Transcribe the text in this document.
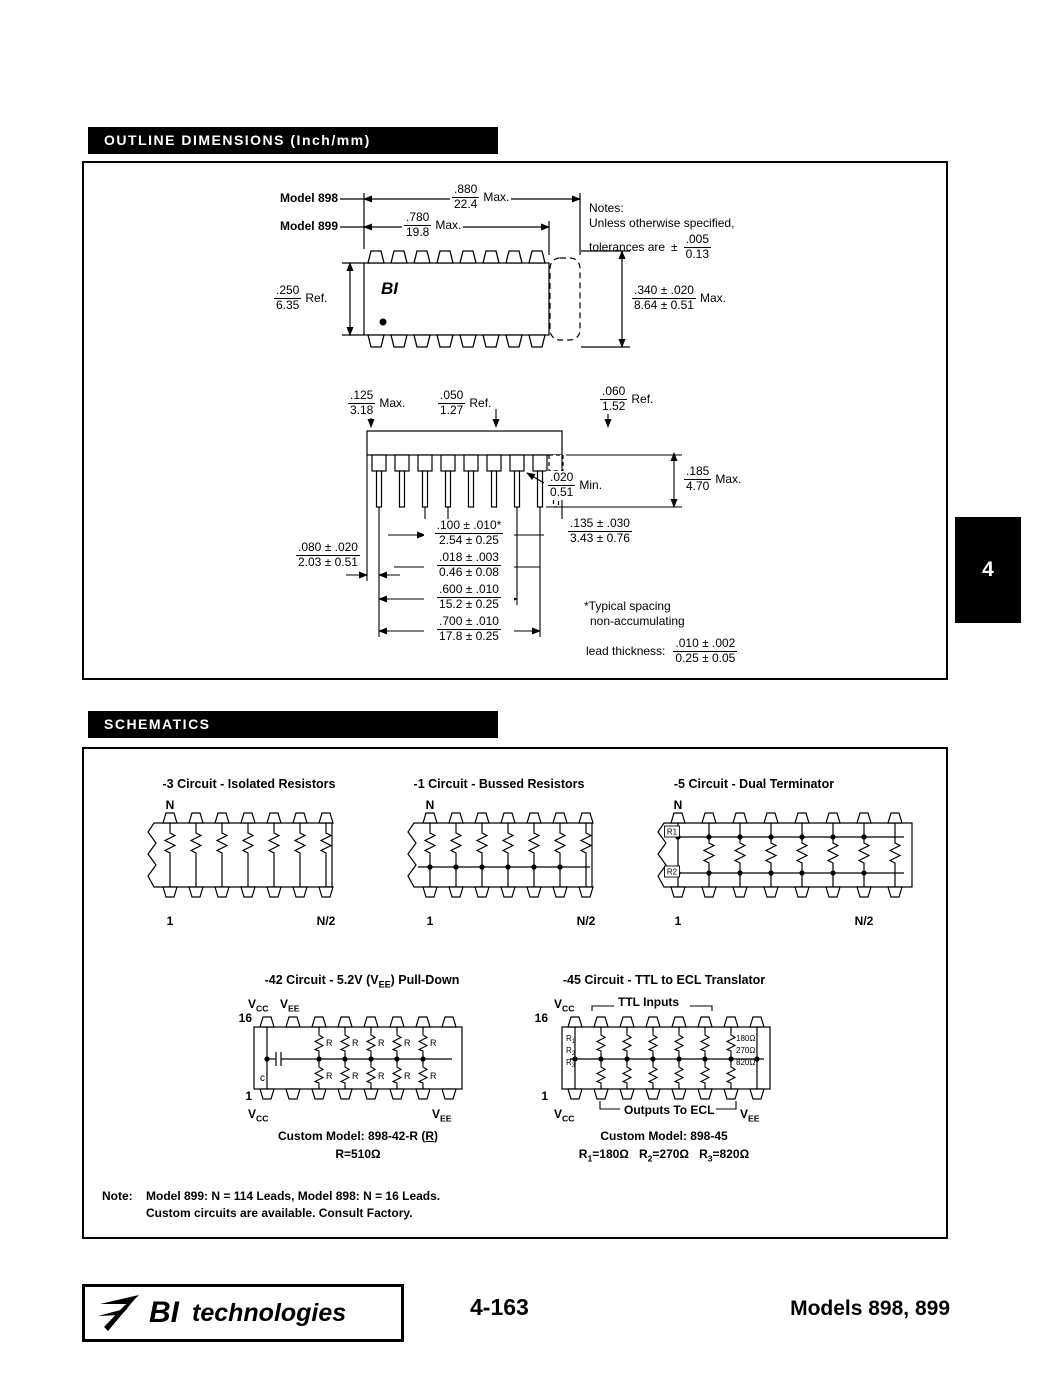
OUTLINE DIMENSIONS (Inch/mm)
BI
Model 898
Model 899
$\frac{.880}{22.4}$ Max.
$\frac{.780}{19.8}$ Max.
$\frac{.250}{6.35}$ Ref.	$\frac{.340 \pm .020}{8.64 \pm 0.51}$ Max.
Notes:
Unless otherwise specified,
tolerances are ± $\frac{.005}{0.13}$
$\frac{.125}{3.18}$ Max.	$\frac{.050}{1.27}$ Ref.	$\frac{.060}{1.52}$ Ref.
$\frac{.020}{0.51}$ Min.	$\frac{.185}{4.70}$ Max.
$\frac{.135 \pm .030}{3.43 \pm 0.76}$
$\frac{.100 \pm .010*}{2.54 \pm 0.25}$
$\frac{.018 \pm .003}{0.46 \pm 0.08}$
$\frac{.600 \pm .010}{15.2 \pm 0.25}$
$\frac{.700 \pm .010}{17.8 \pm 0.25}$
$\frac{.080 \pm .020}{2.03 \pm 0.51}$
*Typical spacing
non-accumulating
lead thickness: $\frac{.010 \pm .002}{0.25 \pm 0.05}$
4
SCHEMATICS
N
1	N/2
N
1	N/2
R1
R2
N
1	N/2
R R R R R
R R R R R
c
$R_1$
$R_2$
$R_3$
180Ω
270Ω
820Ω
-3 Circuit - Isolated Resistors	-1 Circuit - Bussed Resistors	-5 Circuit - Dual Terminator
-42 Circuit - 5.2V $(V_{EE})$ Pull-Down
$V_{CC}$ $V_{EE}$
16
1
$V_{CC}$	$V_{EE}$
Custom Model: 898-42-R (R)
R=510Ω
-45 Circuit - TTL to ECL Translator
$V_{CC}$	TTL Inputs
16
1
$V_{CC}$
Outputs To ECL $V_{EE}$
Custom Model: 898-45
$R_1=180\Omega$ $R_2=270\Omega$ $R_3=820\Omega$
Note: Model 899: N = 114 Leads, Model 898: N = 16 Leads.
Custom circuits are available. Consult Factory.
BI technologies	4-163	Models 898, 899
